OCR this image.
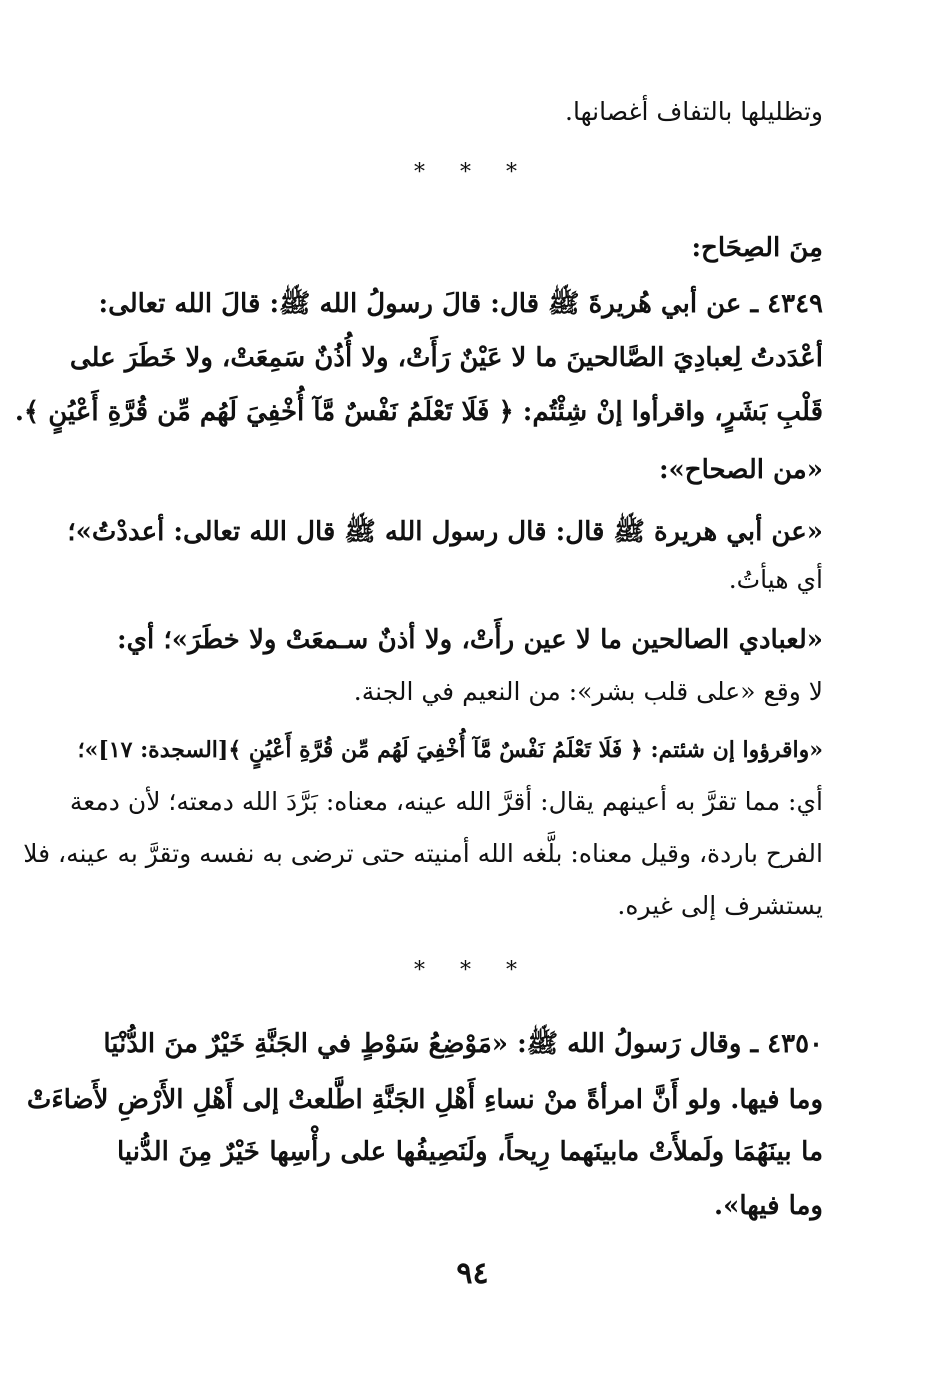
وتظليلها بالتفاف أغصانها.
* * *
مِنَ الصِحَاح:
٤٣٤٩ ـ عن أبي هُريرةَ ﷺ قال: قالَ رسولُ الله ﷺ: قالَ الله تعالى:
أعْدَدتُ لِعبادِيَ الصَّالحينَ ما لا عَيْنٌ رَأَتْ، ولا أُذُنٌ سَمِعَتْ، ولا خَطَرَ على
قَلْبِ بَشَرٍ، واقرأوا إنْ شِئْتُم: ﴿ فَلَا تَعْلَمُ نَفْسٌ مَّآ أُخْفِيَ لَهُم مِّن قُرَّةِ أَعْيُنٍ ﴾.
«من الصحاح»:
«عن أبي هريرة ﷺ قال: قال رسول الله ﷺ قال الله تعالى: أعددْتُ»؛
أي هيأتُ.
«لعبادي الصالحين ما لا عين رأَتْ، ولا أذنٌ سـمعَتْ ولا خطَرَ»؛ أي:
لا وقع «على قلب بشر»: من النعيم في الجنة.
«واقرؤوا إن شئتم: ﴿ فَلَا تَعْلَمُ نَفْسٌ مَّآ أُخْفِيَ لَهُم مِّن قُرَّةِ أَعْيُنٍ ﴾[السجدة: ١٧]»؛
أي: مما تقرَّ به أعينهم يقال: أقرَّ الله عينه، معناه: بَرَّدَ الله دمعته؛ لأن دمعة
الفرح باردة، وقيل معناه: بلَّغه الله أمنيته حتى ترضى به نفسه وتقرَّ به عينه، فلا
يستشرف إلى غيره.
* * *
٤٣٥٠ ـ وقال رَسولُ الله ﷺ: «مَوْضِعُ سَوْطٍ في الجَنَّةِ خَيْرٌ منَ الدُّنْيَا
وما فيها. ولو أَنَّ امرأةً منْ نساءِ أَهْلِ الجَنَّةِ اطَّلعتْ إلى أَهْلِ الأَرْضِ لأَضاءَتْ
ما بينَهُمَا ولَملأَتْ مابينَهما رِيحاً، ولَنَصِيفُها على رأْسِها خَيْرٌ مِنَ الدُّنيا
وما فيها».
٩٤
